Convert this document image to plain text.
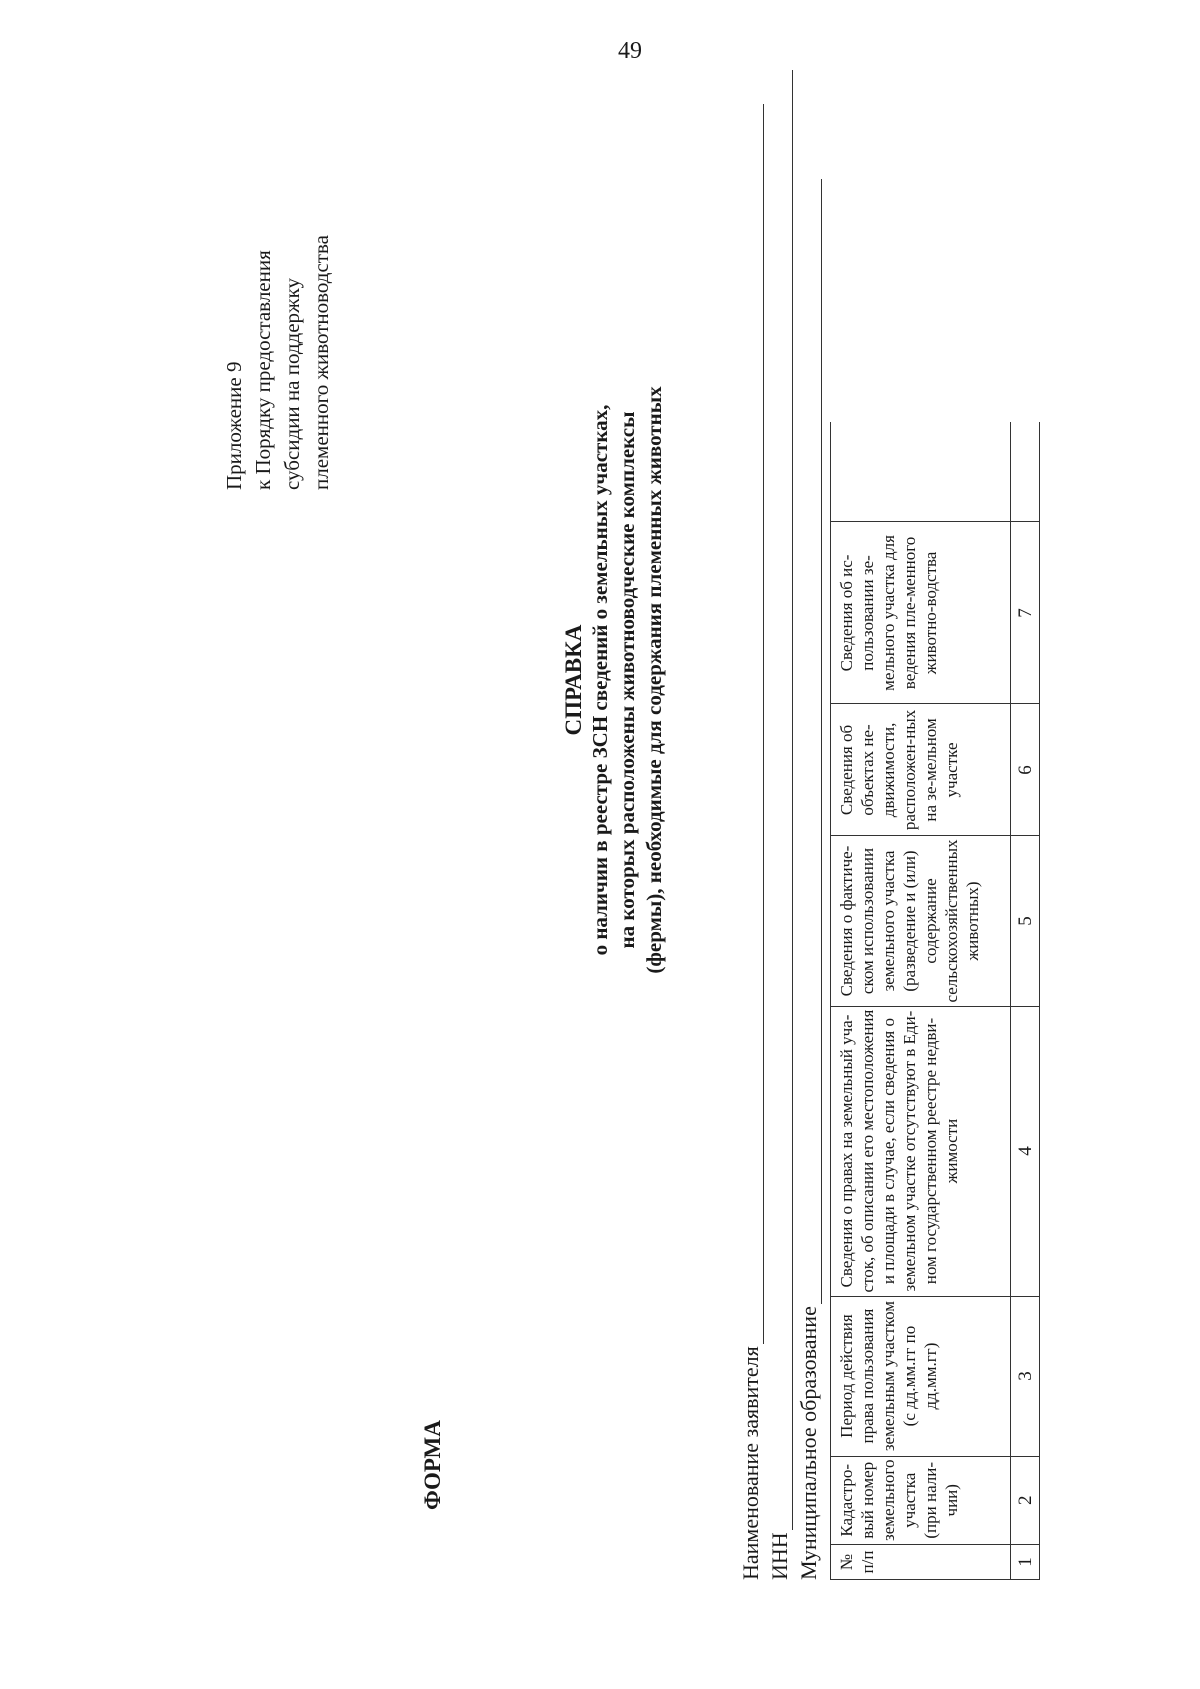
49
Приложение 9 к Порядку предоставления субсидии на поддержку племенного животноводства
ФОРМА
СПРАВКА о наличии в реестре ЗСН сведений о земельных участках, на которых расположены животноводческие комплексы (фермы), необходимые для содержания племенных животных
Наименование заявителя ИНН Муниципальное образование № п/п	Кадастро-вый номер земельного участка (при нали-чии)	Период действия права пользования земельным участком (с дд.мм.гг по дд.мм.гг)	Сведения о правах на земельный уча-сток, об описании его местоположения и площади в случае, если сведения о земельном участке отсутствуют в Еди-ном государственном реестре недви-жимости	Сведения о фактиче-ском использовании земельного участка (разведение и (или) содержание сельскохозяйственных животных)	Сведения об объектах не-движимости, расположен-ных на зе-мельном участке	Сведения об ис-пользовании зе-мельного участка для ведения пле-менного животно-водства	
1	2	3	4	5	6	7	
